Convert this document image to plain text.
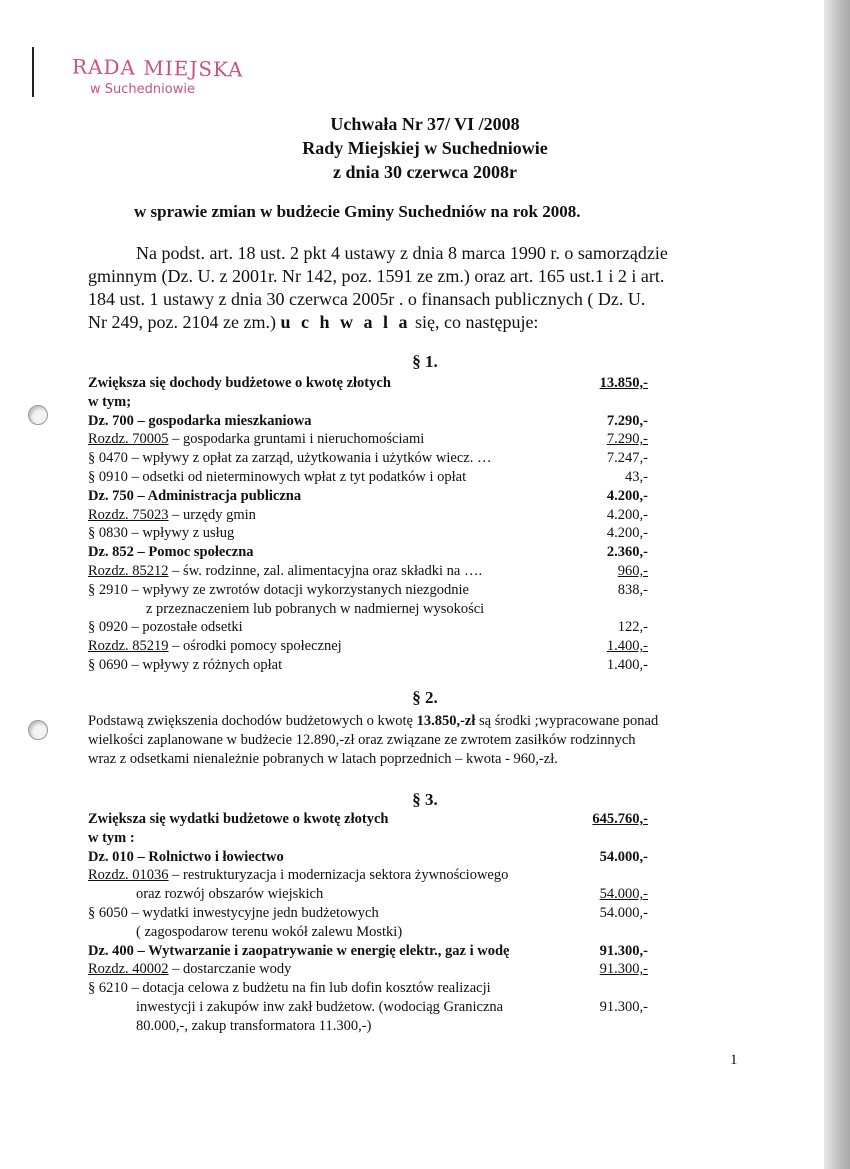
RADA MIEJSKA
w Suchedniowie
Uchwała Nr 37/ VI /2008
Rady Miejskiej w Suchedniowie
z dnia 30 czerwca 2008r
w sprawie zmian w budżecie Gminy Suchedniów na rok 2008.

Na podst. art. 18 ust. 2 pkt 4 ustawy z dnia 8 marca 1990 r. o samorządzie

gminnym (Dz. U. z 2001r. Nr 142, poz. 1591 ze zm.) oraz art. 165 ust.1 i 2 i art.

184 ust. 1 ustawy z dnia 30 czerwca 2005r . o finansach publicznych ( Dz. U.

Nr 249, poz. 2104 ze zm.) u c h w a l a się, co następuje:

§ 1.
Zwiększa się dochody budżetowe o kwotę złotych	13.850,-
w tym;
Dz. 700 – gospodarka mieszkaniowa	7.290,-
Rozdz. 70005 – gospodarka gruntami i nieruchomościami	7.290,-
§ 0470 – wpływy z opłat za zarząd, użytkowania i użytków wiecz. …	7.247,-
§ 0910 – odsetki od nieterminowych wpłat z tyt podatków i opłat	43,-
Dz. 750 – Administracja publiczna	4.200,-
Rozdz. 75023 – urzędy gmin	4.200,-
§ 0830 – wpływy z usług	4.200,-
Dz. 852 – Pomoc społeczna	2.360,-
Rozdz. 85212 – św. rodzinne, zal. alimentacyjna oraz składki na ….	960,-
§ 2910 – wpływy ze zwrotów dotacji wykorzystanych niezgodnie	838,-
z przeznaczeniem lub pobranych w nadmiernej wysokości
§ 0920 – pozostałe odsetki	122,-
Rozdz. 85219 – ośrodki pomocy społecznej	1.400,-
§ 0690 – wpływy z różnych opłat	1.400,-
§ 2.

Podstawą zwiększenia dochodów budżetowych o kwotę 13.850,-zł są środki ;wypracowane ponad

wielkości zaplanowane w budżecie 12.890,-zł oraz związane ze zwrotem zasiłków rodzinnych

wraz z odsetkami nienależnie pobranych w latach poprzednich – kwota - 960,-zł.

§ 3.
Zwiększa się wydatki budżetowe o kwotę złotych	645.760,-
w tym :
Dz. 010 – Rolnictwo i łowiectwo	54.000,-
Rozdz. 01036 – restrukturyzacja i modernizacja sektora żywnościowego
oraz rozwój obszarów wiejskich	54.000,-
§ 6050 – wydatki inwestycyjne jedn budżetowych	54.000,-
( zagospodarow terenu wokół zalewu Mostki)
Dz. 400 – Wytwarzanie i zaopatrywanie w energię elektr., gaz i wodę	91.300,-
Rozdz. 40002 – dostarczanie wody	91.300,-
§ 6210 – dotacja celowa z budżetu na fin lub dofin kosztów realizacji
inwestycji i zakupów inw zakł budżetow. (wodociąg Graniczna	91.300,-
80.000,-, zakup transformatora 11.300,-)
1
